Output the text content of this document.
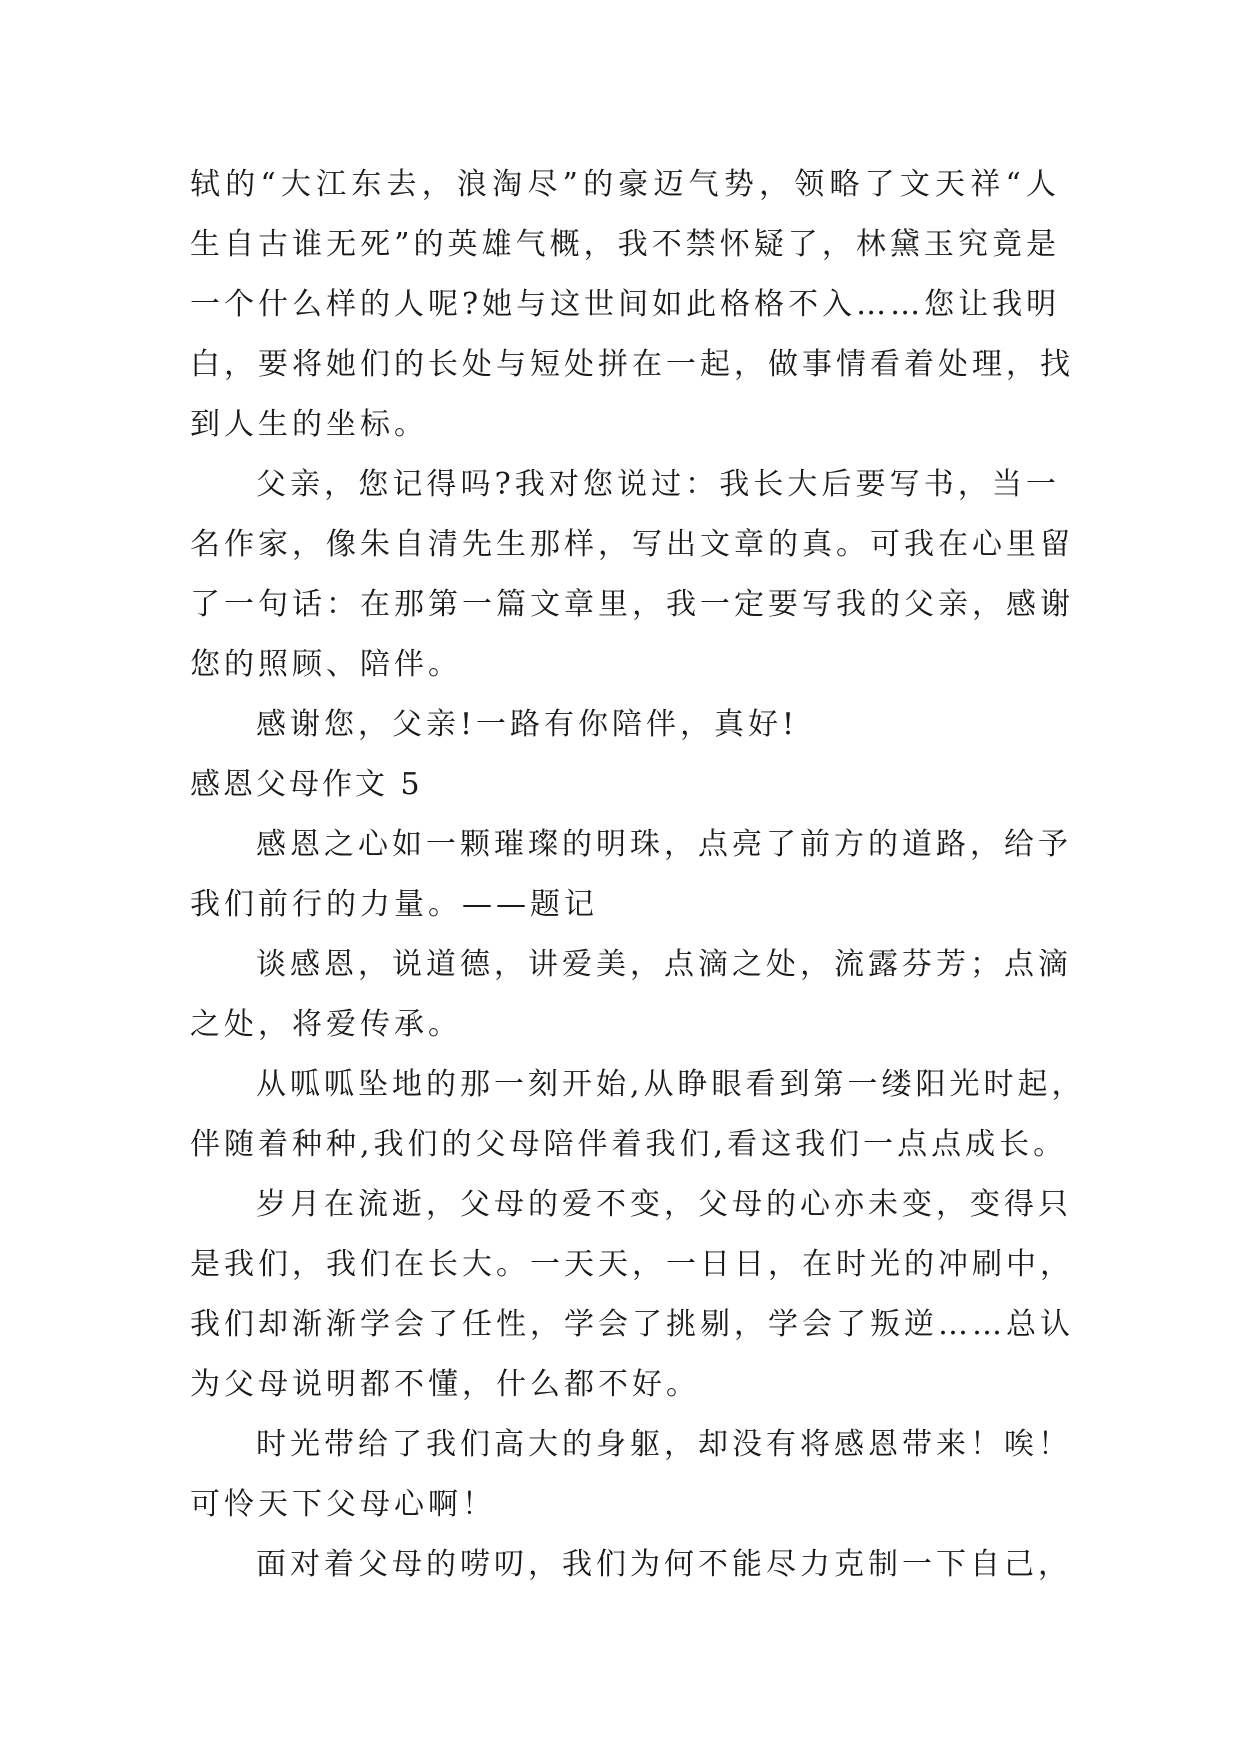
轼的“大江东去，浪淘尽”的豪迈气势，领略了文天祥“人
生自古谁无死”的英雄气概，我不禁怀疑了，林黛玉究竟是
一个什么样的人呢?她与这世间如此格格不入……您让我明
白，要将她们的长处与短处拼在一起，做事情看着处理，找
到人生的坐标。
父亲，您记得吗?我对您说过：我长大后要写书，当一
名作家，像朱自清先生那样，写出文章的真。可我在心里留
了一句话：在那第一篇文章里，我一定要写我的父亲，感谢
您的照顾、陪伴。
感谢您，父亲!一路有你陪伴，真好!
感恩父母作文 5
感恩之心如一颗璀璨的明珠，点亮了前方的道路，给予
我们前行的力量。——题记
谈感恩，说道德，讲爱美，点滴之处，流露芬芳；点滴
之处，将爱传承。
从呱呱坠地的那一刻开始,从睁眼看到第一缕阳光时起，
伴随着种种,我们的父母陪伴着我们,看这我们一点点成长。
岁月在流逝，父母的爱不变，父母的心亦未变，变得只
是我们，我们在长大。一天天，一日日，在时光的冲刷中，
我们却渐渐学会了任性，学会了挑剔，学会了叛逆……总认
为父母说明都不懂，什么都不好。
时光带给了我们高大的身躯，却没有将感恩带来！唉！
可怜天下父母心啊！
面对着父母的唠叨，我们为何不能尽力克制一下自己，
